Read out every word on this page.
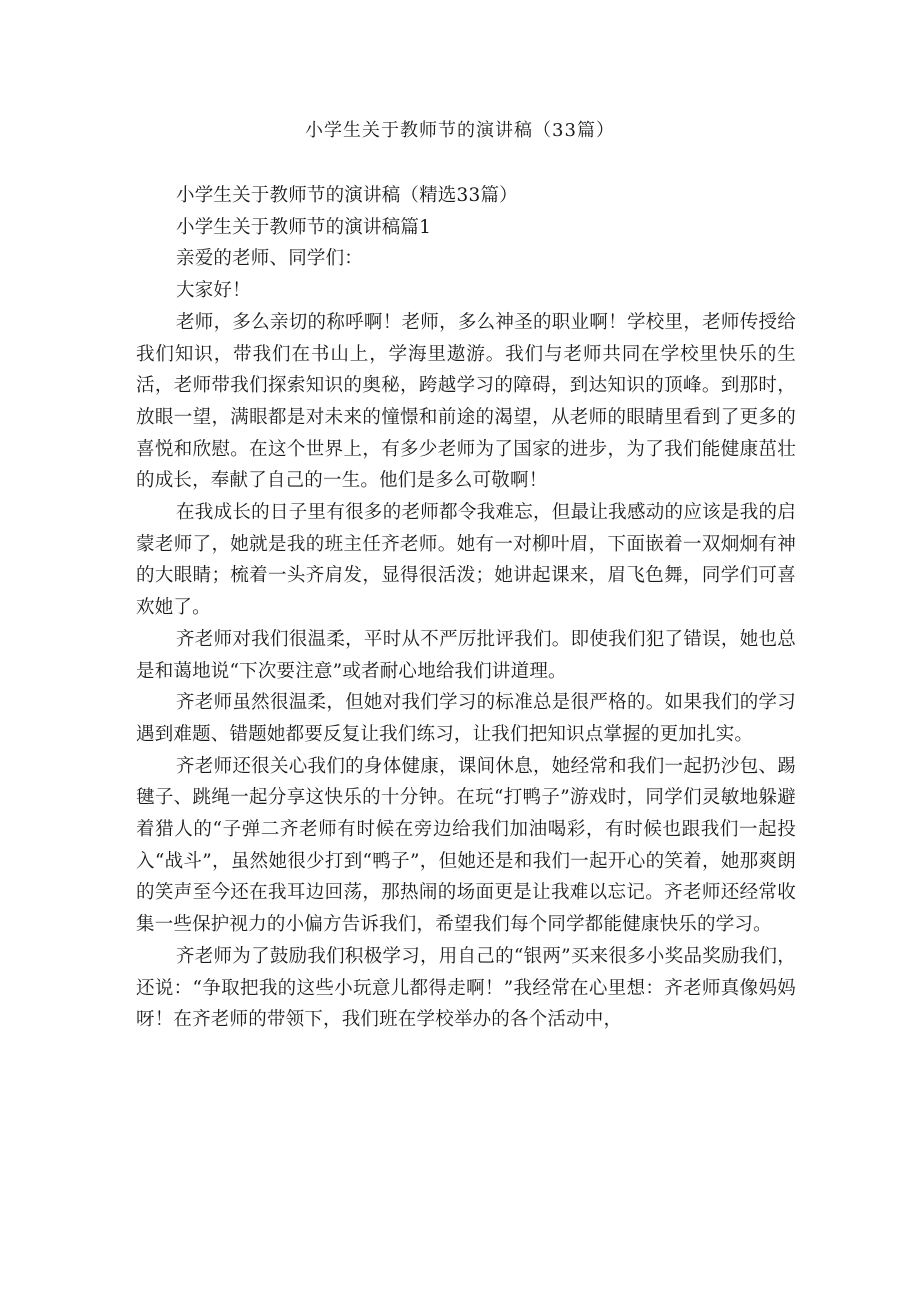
小学生关于教师节的演讲稿（33篇）

小学生关于教师节的演讲稿（精选33篇）

小学生关于教师节的演讲稿篇1

亲爱的老师、同学们：

大家好！

老师，多么亲切的称呼啊！老师，多么神圣的职业啊！学校里，老师传授给我们知识，带我们在书山上，学海里遨游。我们与老师共同在学校里快乐的生活，老师带我们探索知识的奥秘，跨越学习的障碍，到达知识的顶峰。到那时，放眼一望，满眼都是对未来的憧憬和前途的渴望，从老师的眼睛里看到了更多的喜悦和欣慰。在这个世界上，有多少老师为了国家的进步，为了我们能健康茁壮的成长，奉献了自己的一生。他们是多么可敬啊！

在我成长的日子里有很多的老师都令我难忘，但最让我感动的应该是我的启蒙老师了，她就是我的班主任齐老师。她有一对柳叶眉，下面嵌着一双炯炯有神的大眼睛；梳着一头齐肩发，显得很活泼；她讲起课来，眉飞色舞，同学们可喜欢她了。

齐老师对我们很温柔，平时从不严厉批评我们。即使我们犯了错误，她也总是和蔼地说“下次要注意”或者耐心地给我们讲道理。

齐老师虽然很温柔，但她对我们学习的标准总是很严格的。如果我们的学习遇到难题、错题她都要反复让我们练习，让我们把知识点掌握的更加扎实。

齐老师还很关心我们的身体健康，课间休息，她经常和我们一起扔沙包、踢毽子、跳绳一起分享这快乐的十分钟。在玩“打鸭子”游戏时，同学们灵敏地躲避着猎人的“子弹二齐老师有时候在旁边给我们加油喝彩，有时候也跟我们一起投入“战斗”，虽然她很少打到“鸭子”，但她还是和我们一起开心的笑着，她那爽朗的笑声至今还在我耳边回荡，那热闹的场面更是让我难以忘记。齐老师还经常收集一些保护视力的小偏方告诉我们，希望我们每个同学都能健康快乐的学习。

齐老师为了鼓励我们积极学习，用自己的“银两”买来很多小奖品奖励我们，还说：“争取把我的这些小玩意儿都得走啊！”我经常在心里想：齐老师真像妈妈呀！在齐老师的带领下，我们班在学校举办的各个活动中，
